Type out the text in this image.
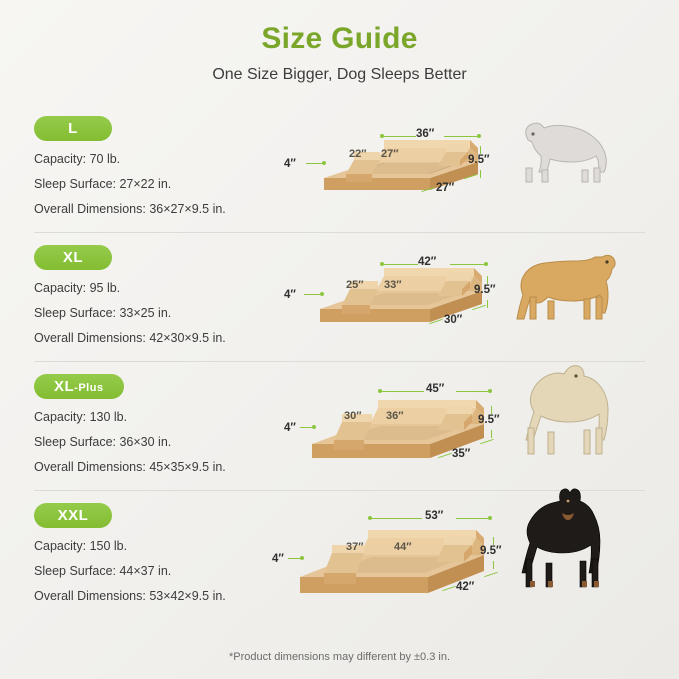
Size Guide

One Size Bigger, Dog Sleeps Better

L
Capacity: 70 lb.
Sleep Surface: 27×22 in.
Overall Dimensions: 36×27×9.5 in.
36″
4″	9.5″
27″
22″ 27″
XL
Capacity: 95 lb.
Sleep Surface: 33×25 in.
Overall Dimensions: 42×30×9.5 in.
42″
4″	9.5″
30″
25″ 33″
XL-Plus
Capacity: 130 lb.
Sleep Surface: 36×30 in.
Overall Dimensions: 45×35×9.5 in.
45″
4″
9.5″
35″
30″ 36″
XXL
Capacity: 150 lb.
Sleep Surface: 44×37 in.
Overall Dimensions: 53×42×9.5 in.
53″
4″
9.5″
42″
37″	44″
*Product dimensions may different by ±0.3 in.
